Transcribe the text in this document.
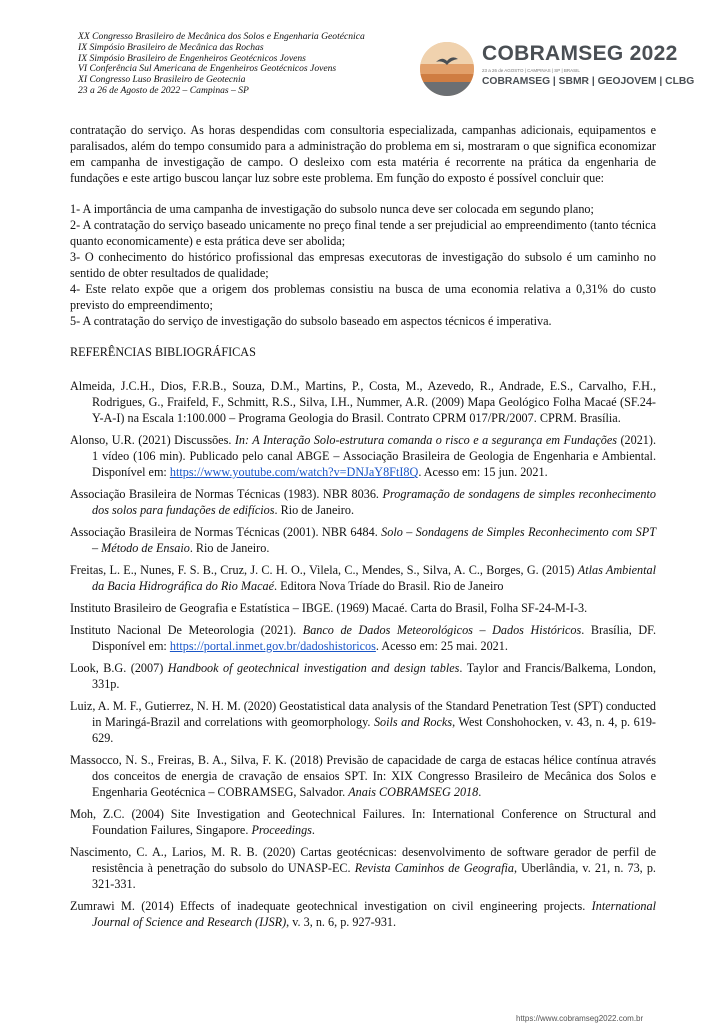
XX Congresso Brasileiro de Mecânica dos Solos e Engenharia Geotécnica
IX Simpósio Brasileiro de Mecânica das Rochas
IX Simpósio Brasileiro de Engenheiros Geotécnicos Jovens
VI Conferência Sul Americana de Engenheiros Geotécnicos Jovens
XI Congresso Luso Brasileiro de Geotecnia
23 a 26 de Agosto de 2022 – Campinas – SP
COBRAMSEG 2022
23 a 26 de AGOSTO | CAMPINAS | SP | BRASIL
COBRAMSEG | SBMR | GEOJOVEM | CLBG

contratação do serviço. As horas despendidas com consultoria especializada, campanhas adicionais, equipamentos e paralisados, além do tempo consumido para a administração do problema em si, mostraram o que significa economizar em campanha de investigação de campo. O desleixo com esta matéria é recorrente na prática da engenharia de fundações e este artigo buscou lançar luz sobre este problema. Em função do exposto é possível concluir que:

1- A importância de uma campanha de investigação do subsolo nunca deve ser colocada em segundo plano;

2- A contratação do serviço baseado unicamente no preço final tende a ser prejudicial ao empreendimento (tanto técnica quanto economicamente) e esta prática deve ser abolida;

3- O conhecimento do histórico profissional das empresas executoras de investigação do subsolo é um caminho no sentido de obter resultados de qualidade;

4- Este relato expõe que a origem dos problemas consistiu na busca de uma economia relativa a 0,31% do custo previsto do empreendimento;

5- A contratação do serviço de investigação do subsolo baseado em aspectos técnicos é imperativa.

REFERÊNCIAS BIBLIOGRÁFICAS

Almeida, J.C.H., Dios, F.R.B., Souza, D.M., Martins, P., Costa, M., Azevedo, R., Andrade, E.S., Carvalho, F.H., Rodrigues, G., Fraifeld, F., Schmitt, R.S., Silva, I.H., Nummer, A.R. (2009) Mapa Geológico Folha Macaé (SF.24-Y-A-I) na Escala 1:100.000 – Programa Geologia do Brasil. Contrato CPRM 017/PR/2007. CPRM. Brasília.

Alonso, U.R. (2021) Discussões. In: A Interação Solo-estrutura comanda o risco e a segurança em Fundações (2021). 1 vídeo (106 min). Publicado pelo canal ABGE – Associação Brasileira de Geologia de Engenharia e Ambiental. Disponível em: https://www.youtube.com/watch?v=DNJaY8FtI8Q. Acesso em: 15 jun. 2021.

Associação Brasileira de Normas Técnicas (1983). NBR 8036. Programação de sondagens de simples reconhecimento dos solos para fundações de edifícios. Rio de Janeiro.

Associação Brasileira de Normas Técnicas (2001). NBR 6484. Solo – Sondagens de Simples Reconhecimento com SPT – Método de Ensaio. Rio de Janeiro.

Freitas, L. E., Nunes, F. S. B., Cruz, J. C. H. O., Vilela, C., Mendes, S., Silva, A. C., Borges, G. (2015) Atlas Ambiental da Bacia Hidrográfica do Rio Macaé. Editora Nova Tríade do Brasil. Rio de Janeiro

Instituto Brasileiro de Geografia e Estatística – IBGE. (1969) Macaé. Carta do Brasil, Folha SF-24-M-I-3.

Instituto Nacional De Meteorologia (2021). Banco de Dados Meteorológicos – Dados Históricos. Brasília, DF. Disponível em: https://portal.inmet.gov.br/dadoshistoricos. Acesso em: 25 mai. 2021.

Look, B.G. (2007) Handbook of geotechnical investigation and design tables. Taylor and Francis/Balkema, London, 331p.

Luiz, A. M. F., Gutierrez, N. H. M. (2020) Geostatistical data analysis of the Standard Penetration Test (SPT) conducted in Maringá-Brazil and correlations with geomorphology. Soils and Rocks, West Conshohocken, v. 43, n. 4, p. 619-629.

Massocco, N. S., Freiras, B. A., Silva, F. K. (2018) Previsão de capacidade de carga de estacas hélice contínua através dos conceitos de energia de cravação de ensaios SPT. In: XIX Congresso Brasileiro de Mecânica dos Solos e Engenharia Geotécnica – COBRAMSEG, Salvador. Anais COBRAMSEG 2018.

Moh, Z.C. (2004) Site Investigation and Geotechnical Failures. In: International Conference on Structural and Foundation Failures, Singapore. Proceedings.

Nascimento, C. A., Larios, M. R. B. (2020) Cartas geotécnicas: desenvolvimento de software gerador de perfil de resistência à penetração do subsolo do UNASP-EC. Revista Caminhos de Geografia, Uberlândia, v. 21, n. 73, p. 321-331.

Zumrawi M. (2014) Effects of inadequate geotechnical investigation on civil engineering projects. International Journal of Science and Research (IJSR), v. 3, n. 6, p. 927-931.

https://www.cobramseg2022.com.br
